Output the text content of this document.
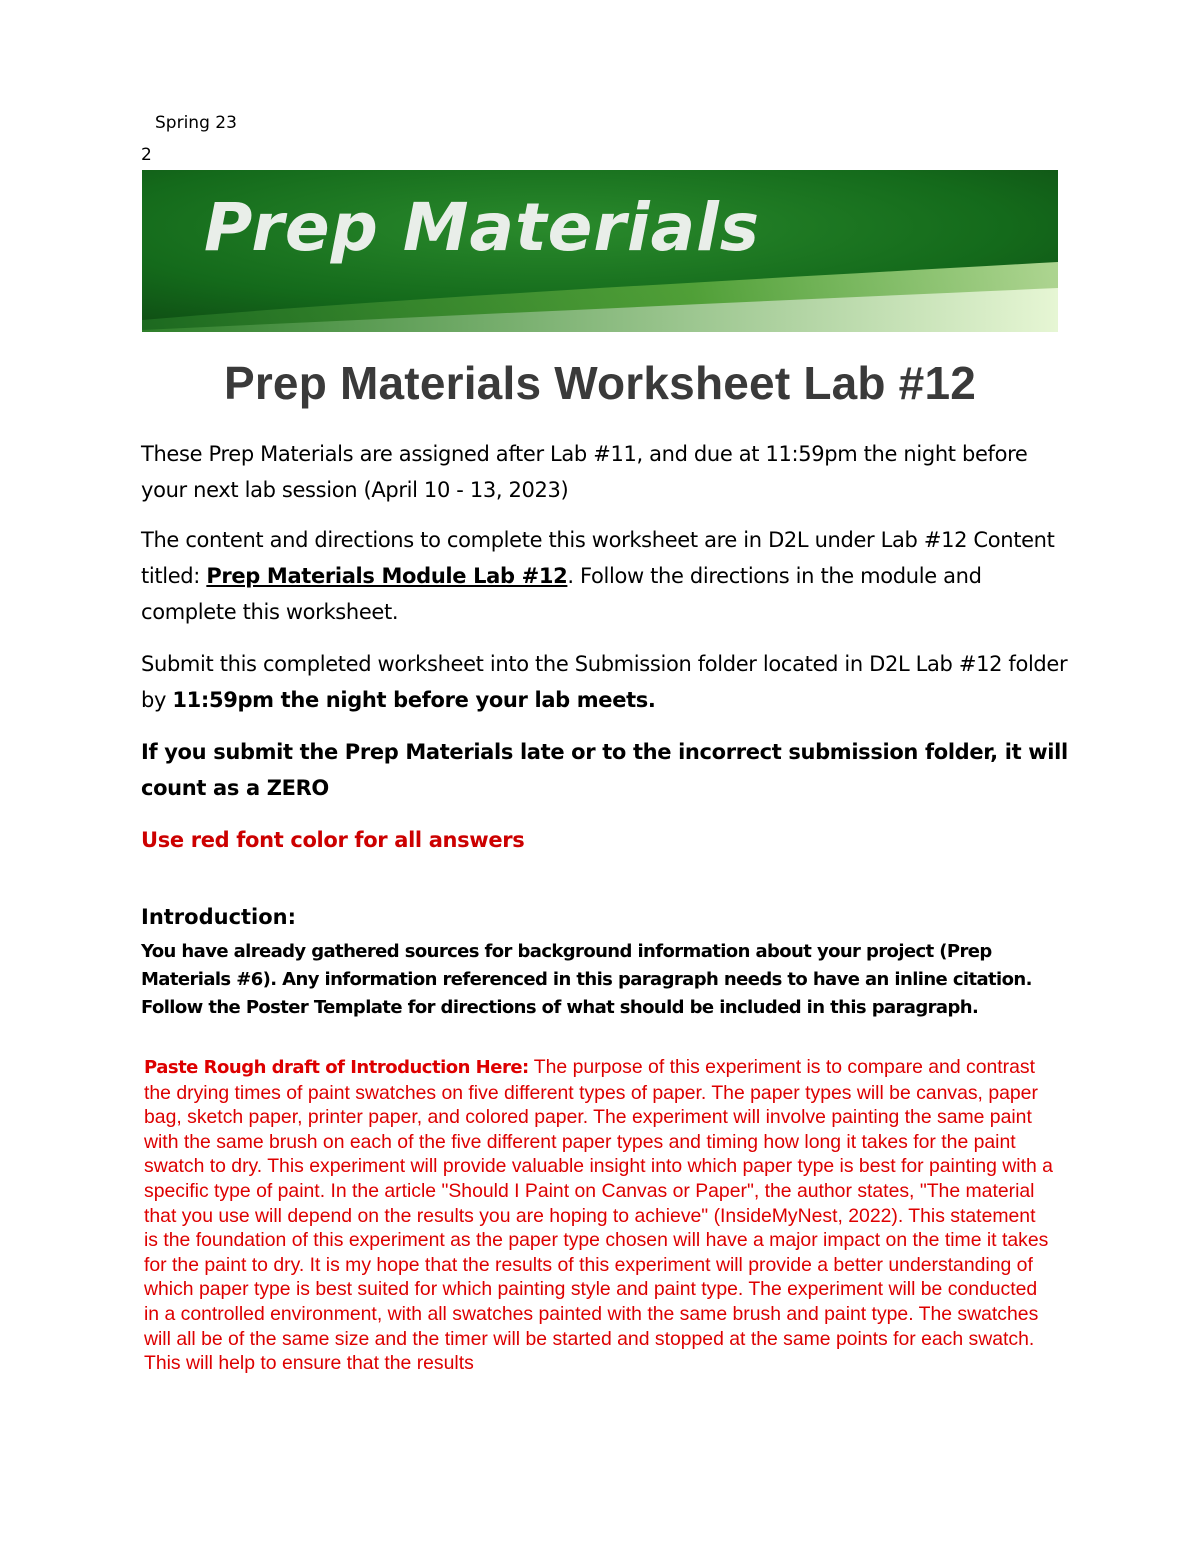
Spring 23
2
Prep Materials
Prep Materials Worksheet Lab #12
These Prep Materials are assigned after Lab #11, and due at 11:59pm the night before your next lab session (April 10 - 13, 2023)
The content and directions to complete this worksheet are in D2L under Lab #12 Content titled: Prep Materials Module Lab #12. Follow the directions in the module and complete this worksheet.
Submit this completed worksheet into the Submission folder located in D2L Lab #12 folder by 11:59pm the night before your lab meets.
If you submit the Prep Materials late or to the incorrect submission folder, it will count as a ZERO
Use red font color for all answers
Introduction:
You have already gathered sources for background information about your project (Prep Materials #6). Any information referenced in this paragraph needs to have an inline citation. Follow the Poster Template for directions of what should be included in this paragraph.
Paste Rough draft of Introduction Here: The purpose of this experiment is to compare and contrast the drying times of paint swatches on five different types of paper. The paper types will be canvas, paper bag, sketch paper, printer paper, and colored paper. The experiment will involve painting the same paint with the same brush on each of the five different paper types and timing how long it takes for the paint swatch to dry. This experiment will provide valuable insight into which paper type is best for painting with a specific type of paint. In the article "Should I Paint on Canvas or Paper", the author states, "The material that you use will depend on the results you are hoping to achieve" (InsideMyNest, 2022). This statement is the foundation of this experiment as the paper type chosen will have a major impact on the time it takes for the paint to dry. It is my hope that the results of this experiment will provide a better understanding of which paper type is best suited for which painting style and paint type. The experiment will be conducted in a controlled environment, with all swatches painted with the same brush and paint type. The swatches will all be of the same size and the timer will be started and stopped at the same points for each swatch. This will help to ensure that the results
